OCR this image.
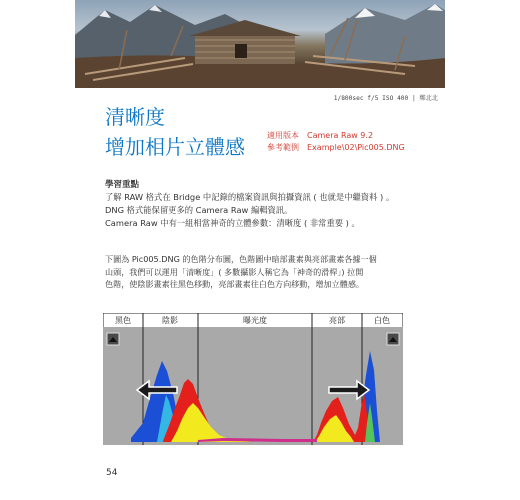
1/800sec f/5 ISO 400 | 鄭北北
清晰度
增加相片立體感	適用版本 Camera Raw 9.2
參考範例 Example\02\Pic005.DNG
學習重點

了解 RAW 格式在 Bridge 中記錄的檔案資訊與拍攝資訊 ( 也就是中繼資料 ) 。

DNG 格式能保留更多的 Camera Raw 編輯資訊。

Camera Raw 中有一組相當神奇的立體參數：清晰度 ( 非常重要 ) 。

下圖為 Pic005.DNG 的色階分布圖，色階圖中暗部畫素與亮部畫素各據一個

山頭，我們可以運用「清晰度」( 多數攝影人稱它為「神奇的滑桿」) 拉開

色階，使陰影畫素往黑色移動，亮部畫素往白色方向移動，增加立體感。

黑色	陰影	曝光度	亮部	白色
54
